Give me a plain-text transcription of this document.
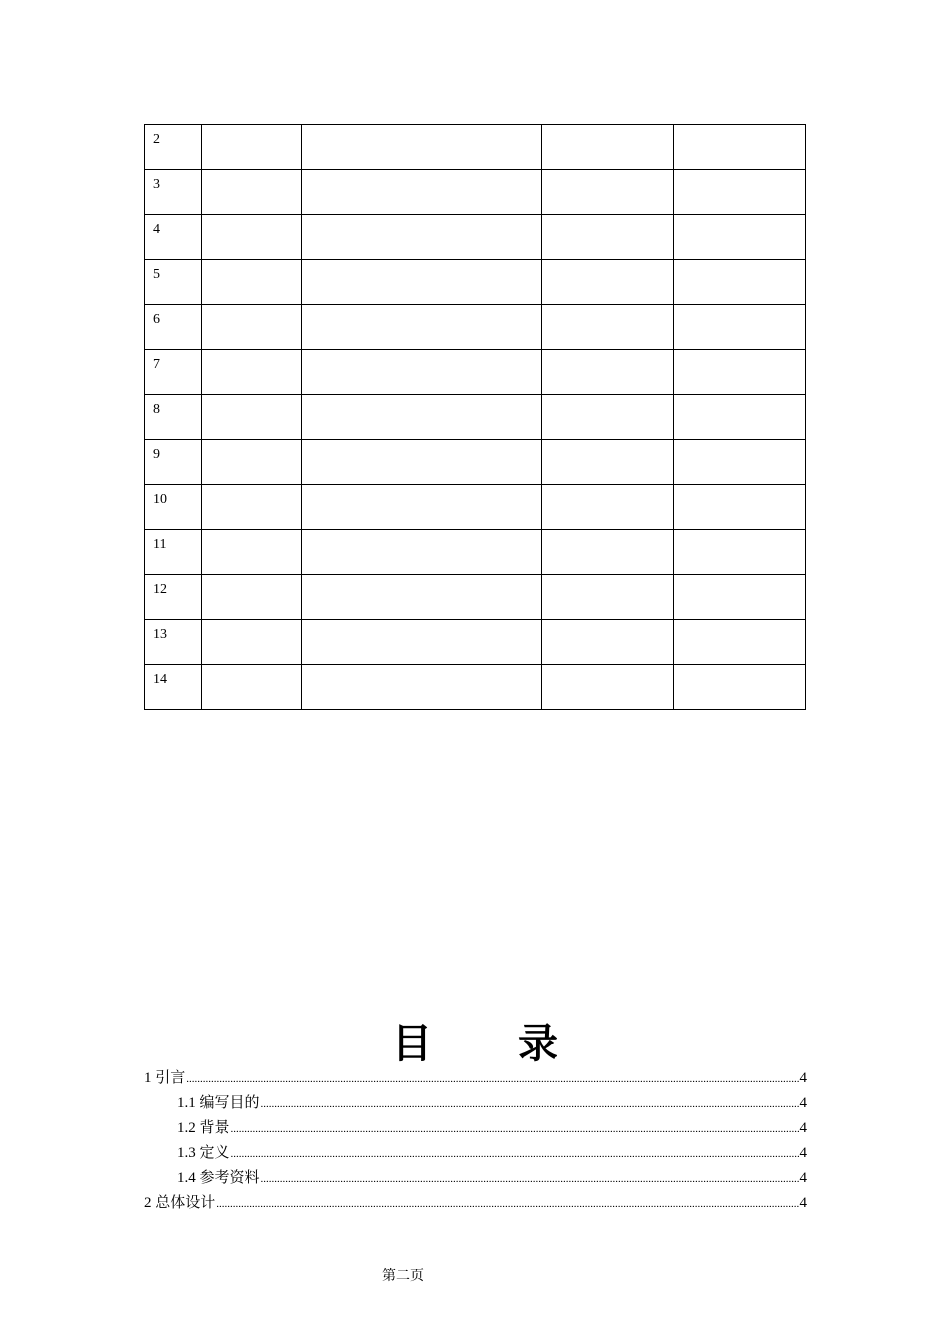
2				
3				
4				
5				
6				
7				
8				
9				
10				
11				
12				
13				
14				
目 录
1 引言 .....	4
1.1 编写目的 .....	4
1.2 背景 .....	4
1.3 定义 .....	4
1.4 参考资料 .....	4
2 总体设计 .....	4
第二页
